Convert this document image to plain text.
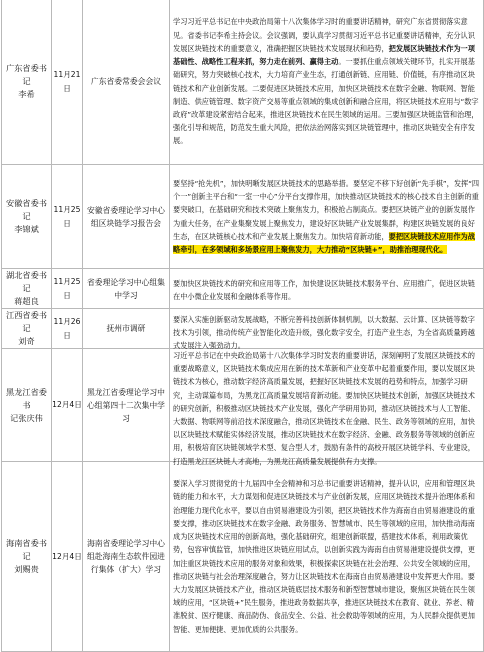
广东省委书记
李希	11月21日	广东省委常委会会议	学习习近平总书记在中央政治局第十八次集体学习时的重要讲话精神，研究广东省贯彻落实意见。省委书记李希主持会议。会议强调，要认真学习贯彻习近平总书记重要讲话精神，充分认识发展区块链技术的重要意义，准确把握区块链技术发展现状和趋势，把发展区块链技术作为一项基础性、战略性工程来抓，努力走在前列、赢得主动。一要抓住重点领域关键环节，扎实开展基础研究，努力突破核心技术，大力培育产业生态，打通创新链、应用链、价值链，有序推动区块链技术和产业创新发展。二要促进区块链技术应用，加快区块链技术在数字金融、物联网、智能制造、供应链管理、数字资产交易等重点领域的集成创新和融合应用，将区块链技术应用与“数字政府”改革建设紧密结合起来，推进区块链技术在民生领域的运用。三要加强区块链监管和治理，强化引导和规范，防范发生重大风险，把依法治网落实到区块链管理中，推动区块链安全有序发展。

安徽省委书记
李锦斌	11月25日	安徽省委理论学习中心组区块链学习报告会	要坚持“抢先机”，加快明晰发展区块链技术的思路举措。要坚定不移下好创新“先手棋”，发挥“四个一”创新主平台和“一室一中心”分平台支撑作用，加快推动区块链技术的核心技术自主创新的重要突破口，在基础研究和技术突破上聚焦发力，积极抢占制高点。要把区块链产业的创新发展作为重大任务，在产业集聚发展上聚焦发力，建设好区块链产业发展集群，构建区块链发展的良好生态，在区块链核心技术和产业发展上聚焦发力。加快培育新动能，要把区块链技术应用作为战略牵引，在多领域和多场景应用上聚焦发力，大力推动“区块链+”，助推治理现代化。

湖北省委书记
蒋超良	11月25日	省委理论学习中心组集中学习	要加快区块链技术的研究和应用等工作，加快建设区块链技术服务平台、应用推广，促进区块链在中小微企业发展和金融体系等作用。

江西省委书记
刘奇	11月26日	抚州市调研	要深入实施创新驱动发展战略，不断完善科技创新体制机制，以大数据、云计算、区块链等数字技术为引领，推动传统产业智能化改造升级，强化数字安全，打造产业生态，为全省高质量跨越式发展注入强劲动力。

黑龙江省委书
记张庆伟	12月4日	黑龙江省委理论学习中心组第四十二次集中学习	习近平总书记在中央政治局第十八次集体学习时发表的重要讲话，深刻阐明了发展区块链技术的重要战略意义，区块链技术集成应用在新的技术革新和产业变革中起着重要作用，要以发展区块链技术为核心，推动数字经济高质量发展，把握好区块链技术发展的趋势和特点，加强学习研究，主动谋篇布局，为黑龙江高质量发展培育新动能。要加快区块链技术创新，加强区块链技术的研究创新，积极推动区块链技术产业发展，强化产学研用协同，推动区块链技术与人工智能、大数据、物联网等前沿技术深度融合，推动区块链技术在金融、民生、政务等领域的应用，加快以区块链技术赋能实体经济发展，推动区块链技术在数字经济、金融、政务服务等领域的创新应用，积极培育区块链领域学术型、复合型人才，鼓励有条件的高校开展区块链学科、专业建设，打造黑龙江区块链人才高地，为黑龙江高质量发展提供有力支撑。

海南省委书记
刘赐贵	12月4日	海南省委理论学习中心组赴海南生态软件园进行集体（扩大）学习	要深入学习贯彻党的十九届四中全会精神和习总书记重要讲话精神，提升认识，应用和管理区块链的能力和水平，大力谋划和促进区块链技术与产业创新发展，应用区块链技术提升治理体系和治理能力现代化水平，要以自由贸易港建设为引领，把区块链技术作为海南自由贸易港建设的重要支撑，推动区块链技术在数字金融、政务服务、智慧城市、民生等领域的应用，加快推动海南成为区块链技术应用的创新高地，强化基础研究，组建创新联盟，搭建技术体系，利用政策优势，包容审慎监管，加快推进区块链应用试点，以创新实践为海南自由贸易港建设提供支撑，更加注重区块链技术应用的服务对象和效果，积极探索区块链在社会治理、公共安全领域的应用，推动区块链与社会治理深度融合，努力让区块链技术在海南自由贸易港建设中发挥更大作用。要大力发展区块链技术产业，推动区块链底层技术服务和新型智慧城市建设，聚焦区块链在民生领域的应用，“区块链+”民生服务，推进政务数据共享，推进区块链技术在教育、就业、养老、精准脱贫、医疗健康、商品防伪、食品安全、公益、社会救助等领域的应用，为人民群众提供更加智能、更加便捷、更加优质的公共服务。
